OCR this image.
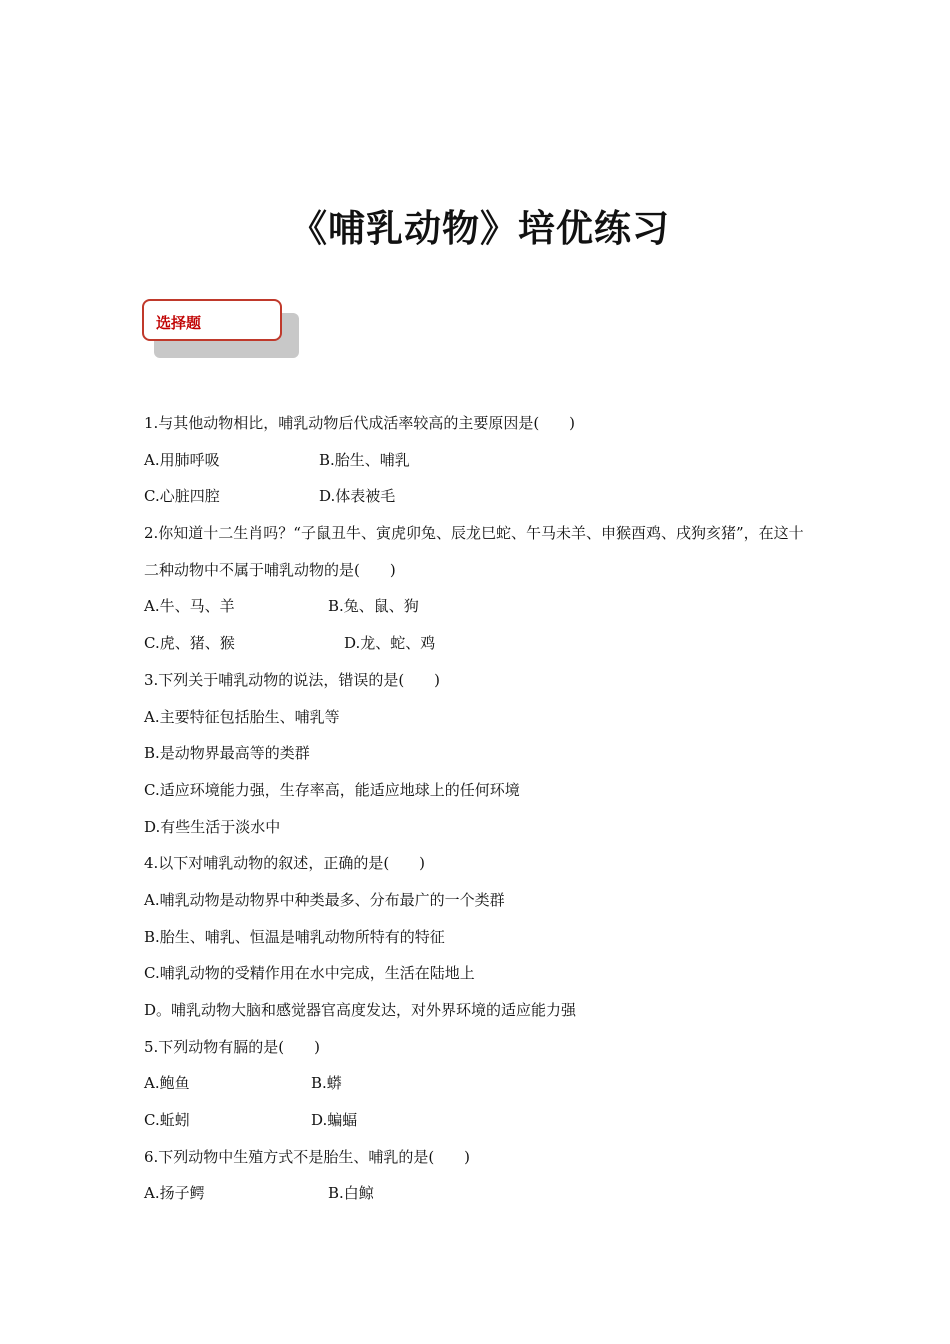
《哺乳动物》培优练习
选择题
1.与其他动物相比，哺乳动物后代成活率较高的主要原因是(　　)
A.用肺呼吸	B.胎生、哺乳
C.心脏四腔	D.体表被毛
2.你知道十二生肖吗？“子鼠丑牛、寅虎卯兔、辰龙巳蛇、午马未羊、申猴酉鸡、戌狗亥猪”，在这十二种动物中不属于哺乳动物的是(　　)
A.牛、马、羊	B.兔、鼠、狗
C.虎、猪、猴	D.龙、蛇、鸡
3.下列关于哺乳动物的说法，错误的是(　　)
A.主要特征包括胎生、哺乳等
B.是动物界最高等的类群
C.适应环境能力强，生存率高，能适应地球上的任何环境
D.有些生活于淡水中
4.以下对哺乳动物的叙述，正确的是(　　)
A.哺乳动物是动物界中种类最多、分布最广的一个类群
B.胎生、哺乳、恒温是哺乳动物所特有的特征
C.哺乳动物的受精作用在水中完成，生活在陆地上
D。哺乳动物大脑和感觉器官高度发达，对外界环境的适应能力强
5.下列动物有膈的是(　　)
A.鲍鱼	B.蟒
C.蚯蚓	D.蝙蝠
6.下列动物中生殖方式不是胎生、哺乳的是(　　)
A.扬子鳄	B.白鲸
